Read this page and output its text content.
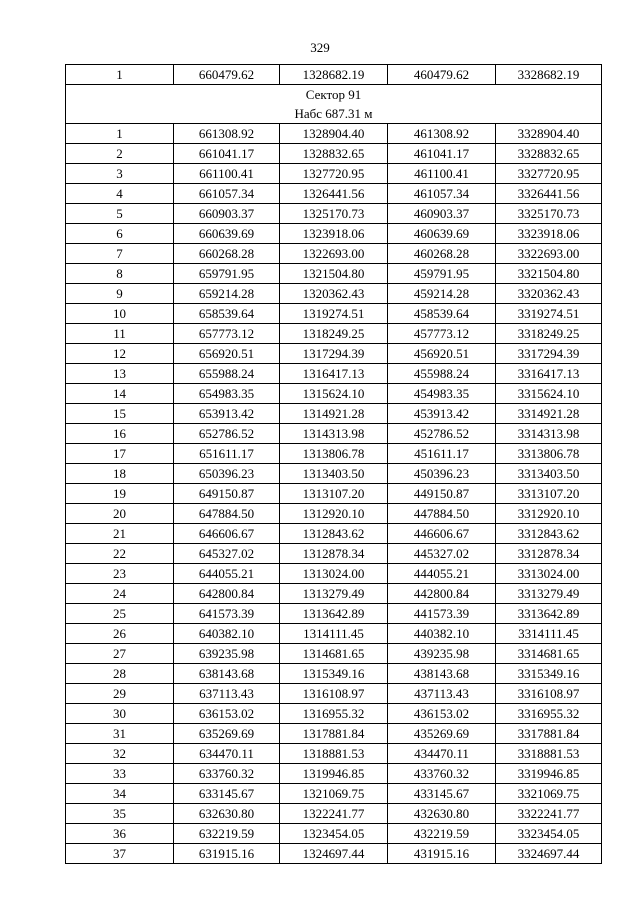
329
1	660479.62	1328682.19	460479.62	3328682.19

Сектор 91
Набс 687.31 м				

1	661308.92	1328904.40	461308.92	3328904.40
2	661041.17	1328832.65	461041.17	3328832.65
3	661100.41	1327720.95	461100.41	3327720.95
4	661057.34	1326441.56	461057.34	3326441.56
5	660903.37	1325170.73	460903.37	3325170.73
6	660639.69	1323918.06	460639.69	3323918.06
7	660268.28	1322693.00	460268.28	3322693.00
8	659791.95	1321504.80	459791.95	3321504.80
9	659214.28	1320362.43	459214.28	3320362.43
10	658539.64	1319274.51	458539.64	3319274.51
11	657773.12	1318249.25	457773.12	3318249.25
12	656920.51	1317294.39	456920.51	3317294.39
13	655988.24	1316417.13	455988.24	3316417.13
14	654983.35	1315624.10	454983.35	3315624.10
15	653913.42	1314921.28	453913.42	3314921.28
16	652786.52	1314313.98	452786.52	3314313.98
17	651611.17	1313806.78	451611.17	3313806.78
18	650396.23	1313403.50	450396.23	3313403.50
19	649150.87	1313107.20	449150.87	3313107.20
20	647884.50	1312920.10	447884.50	3312920.10
21	646606.67	1312843.62	446606.67	3312843.62
22	645327.02	1312878.34	445327.02	3312878.34
23	644055.21	1313024.00	444055.21	3313024.00
24	642800.84	1313279.49	442800.84	3313279.49
25	641573.39	1313642.89	441573.39	3313642.89
26	640382.10	1314111.45	440382.10	3314111.45
27	639235.98	1314681.65	439235.98	3314681.65
28	638143.68	1315349.16	438143.68	3315349.16
29	637113.43	1316108.97	437113.43	3316108.97
30	636153.02	1316955.32	436153.02	3316955.32
31	635269.69	1317881.84	435269.69	3317881.84
32	634470.11	1318881.53	434470.11	3318881.53
33	633760.32	1319946.85	433760.32	3319946.85
34	633145.67	1321069.75	433145.67	3321069.75
35	632630.80	1322241.77	432630.80	3322241.77
36	632219.59	1323454.05	432219.59	3323454.05
37	631915.16	1324697.44	431915.16	3324697.44
